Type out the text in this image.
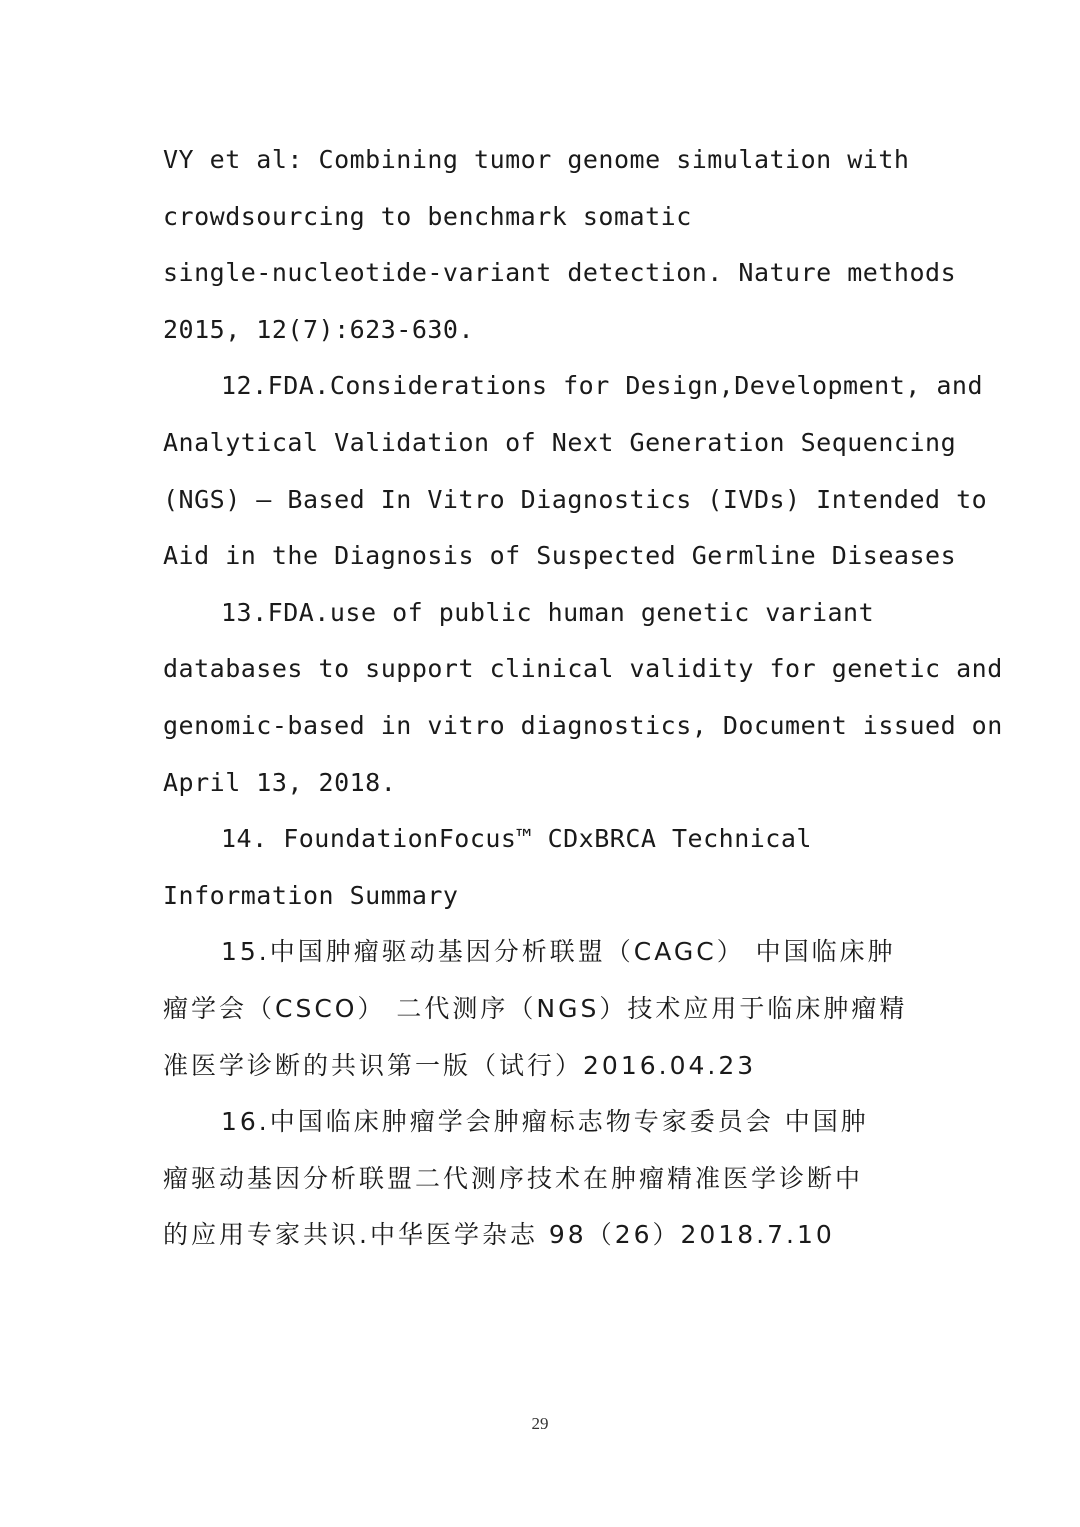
VY et al: Combining tumor genome simulation with
crowdsourcing to benchmark somatic
single-nucleotide-variant detection. Nature methods
2015, 12(7):623-630.
12.FDA.Considerations for Design,Development, and
Analytical Validation of Next Generation Sequencing
(NGS) – Based In Vitro Diagnostics (IVDs) Intended to
Aid in the Diagnosis of Suspected Germline Diseases
13.FDA.use of public human genetic variant
databases to support clinical validity for genetic and
genomic-based in vitro diagnostics, Document issued on
April 13, 2018.
14. FoundationFocus™ CDxBRCA Technical
Information Summary
15.中国肿瘤驱动基因分析联盟（CAGC） 中国临床肿
瘤学会（CSCO） 二代测序（NGS）技术应用于临床肿瘤精
准医学诊断的共识第一版（试行）2016.04.23
16.中国临床肿瘤学会肿瘤标志物专家委员会 中国肿
瘤驱动基因分析联盟二代测序技术在肿瘤精准医学诊断中
的应用专家共识.中华医学杂志 98（26）2018.7.10
29
